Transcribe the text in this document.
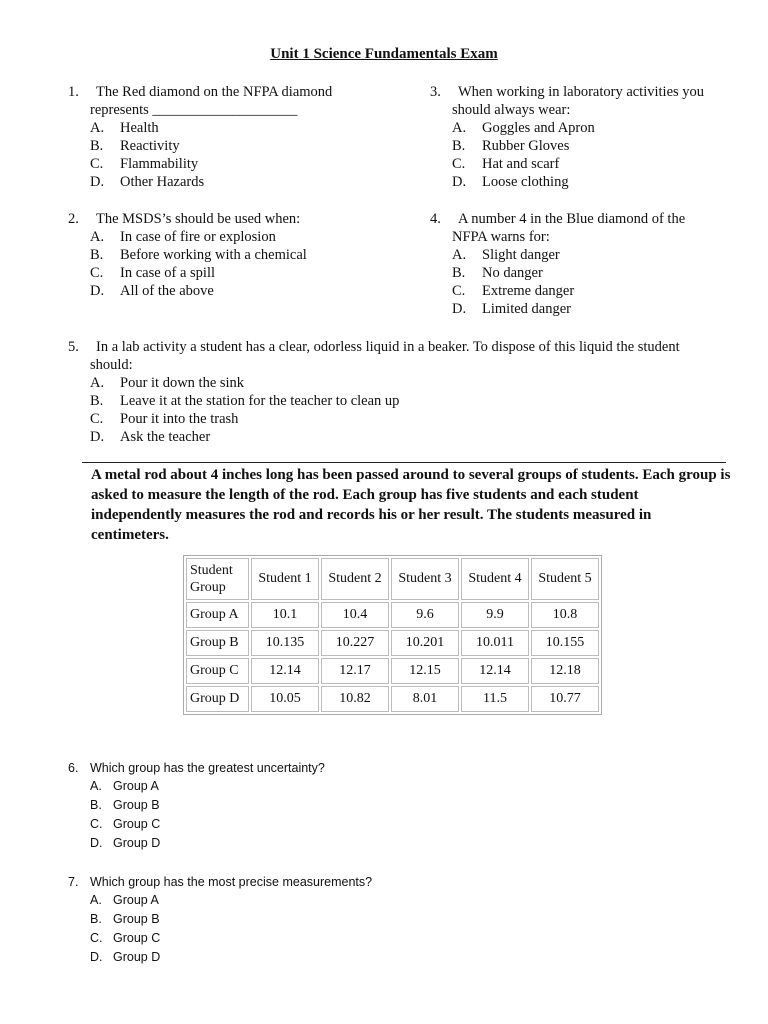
Unit 1 Science Fundamentals Exam
1. The Red diamond on the NFPA diamond
represents ____________________
A. Health
B. Reactivity
C. Flammability
D. Other Hazards
3. When working in laboratory activities you
should always wear:
A. Goggles and Apron
B. Rubber Gloves
C. Hat and scarf
D. Loose clothing
2. The MSDS’s should be used when:
A. In case of fire or explosion
B. Before working with a chemical
C. In case of a spill
D. All of the above
4. A number 4 in the Blue diamond of the
NFPA warns for:
A. Slight danger
B. No danger
C. Extreme danger
D. Limited danger
5. In a lab activity a student has a clear, odorless liquid in a beaker. To dispose of this liquid the student
should:
A. Pour it down the sink
B. Leave it at the station for the teacher to clean up
C. Pour it into the trash
D. Ask the teacher
A metal rod about 4 inches long has been passed around to several groups of students. Each group is asked to measure the length of the rod. Each group has five students and each student independently measures the rod and records his or her result. The students measured in centimeters.
Student Group	Student 1	Student 2	Student 3	Student 4	Student 5
Group A	10.1	10.4	9.6	9.9	10.8
Group B	10.135	10.227	10.201	10.011	10.155
Group C	12.14	12.17	12.15	12.14	12.18
Group D	10.05	10.82	8.01	11.5	10.77
6. Which group has the greatest uncertainty?
A. Group A
B. Group B
C. Group C
D. Group D
7. Which group has the most precise measurements?
A. Group A
B. Group B
C. Group C
D. Group D
